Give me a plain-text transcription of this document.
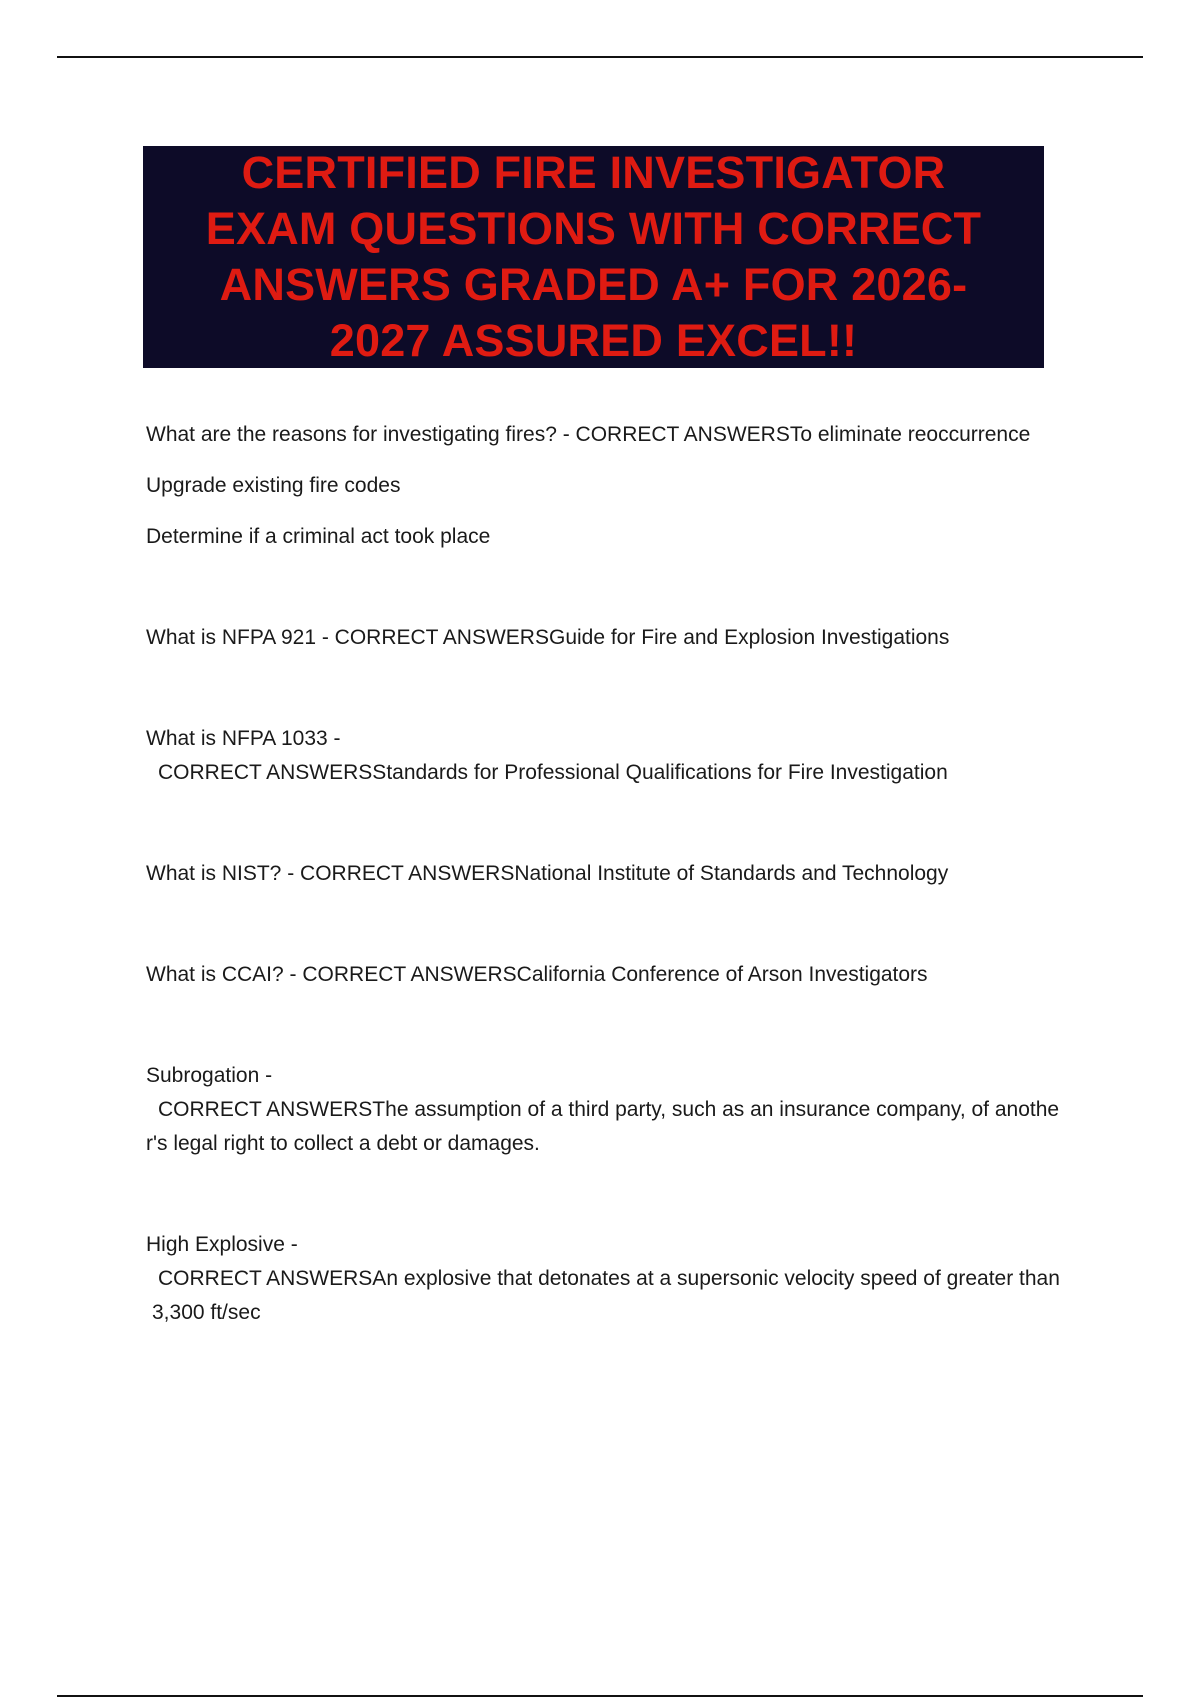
CERTIFIED FIRE INVESTIGATOR
EXAM QUESTIONS WITH CORRECT
ANSWERS GRADED A+ FOR 2026-
2027 ASSURED EXCEL!!
What are the reasons for investigating fires? - CORRECT ANSWERSTo eliminate reoccurrence
Upgrade existing fire codes
Determine if a criminal act took place
What is NFPA 921 - CORRECT ANSWERSGuide for Fire and Explosion Investigations
What is NFPA 1033 -
CORRECT ANSWERSStandards for Professional Qualifications for Fire Investigation
What is NIST? - CORRECT ANSWERSNational Institute of Standards and Technology
What is CCAI? - CORRECT ANSWERSCalifornia Conference of Arson Investigators
Subrogation -
CORRECT ANSWERSThe assumption of a third party, such as an insurance company, of anothe
r's legal right to collect a debt or damages.
High Explosive -
CORRECT ANSWERSAn explosive that detonates at a supersonic velocity speed of greater than
3,300 ft/sec
